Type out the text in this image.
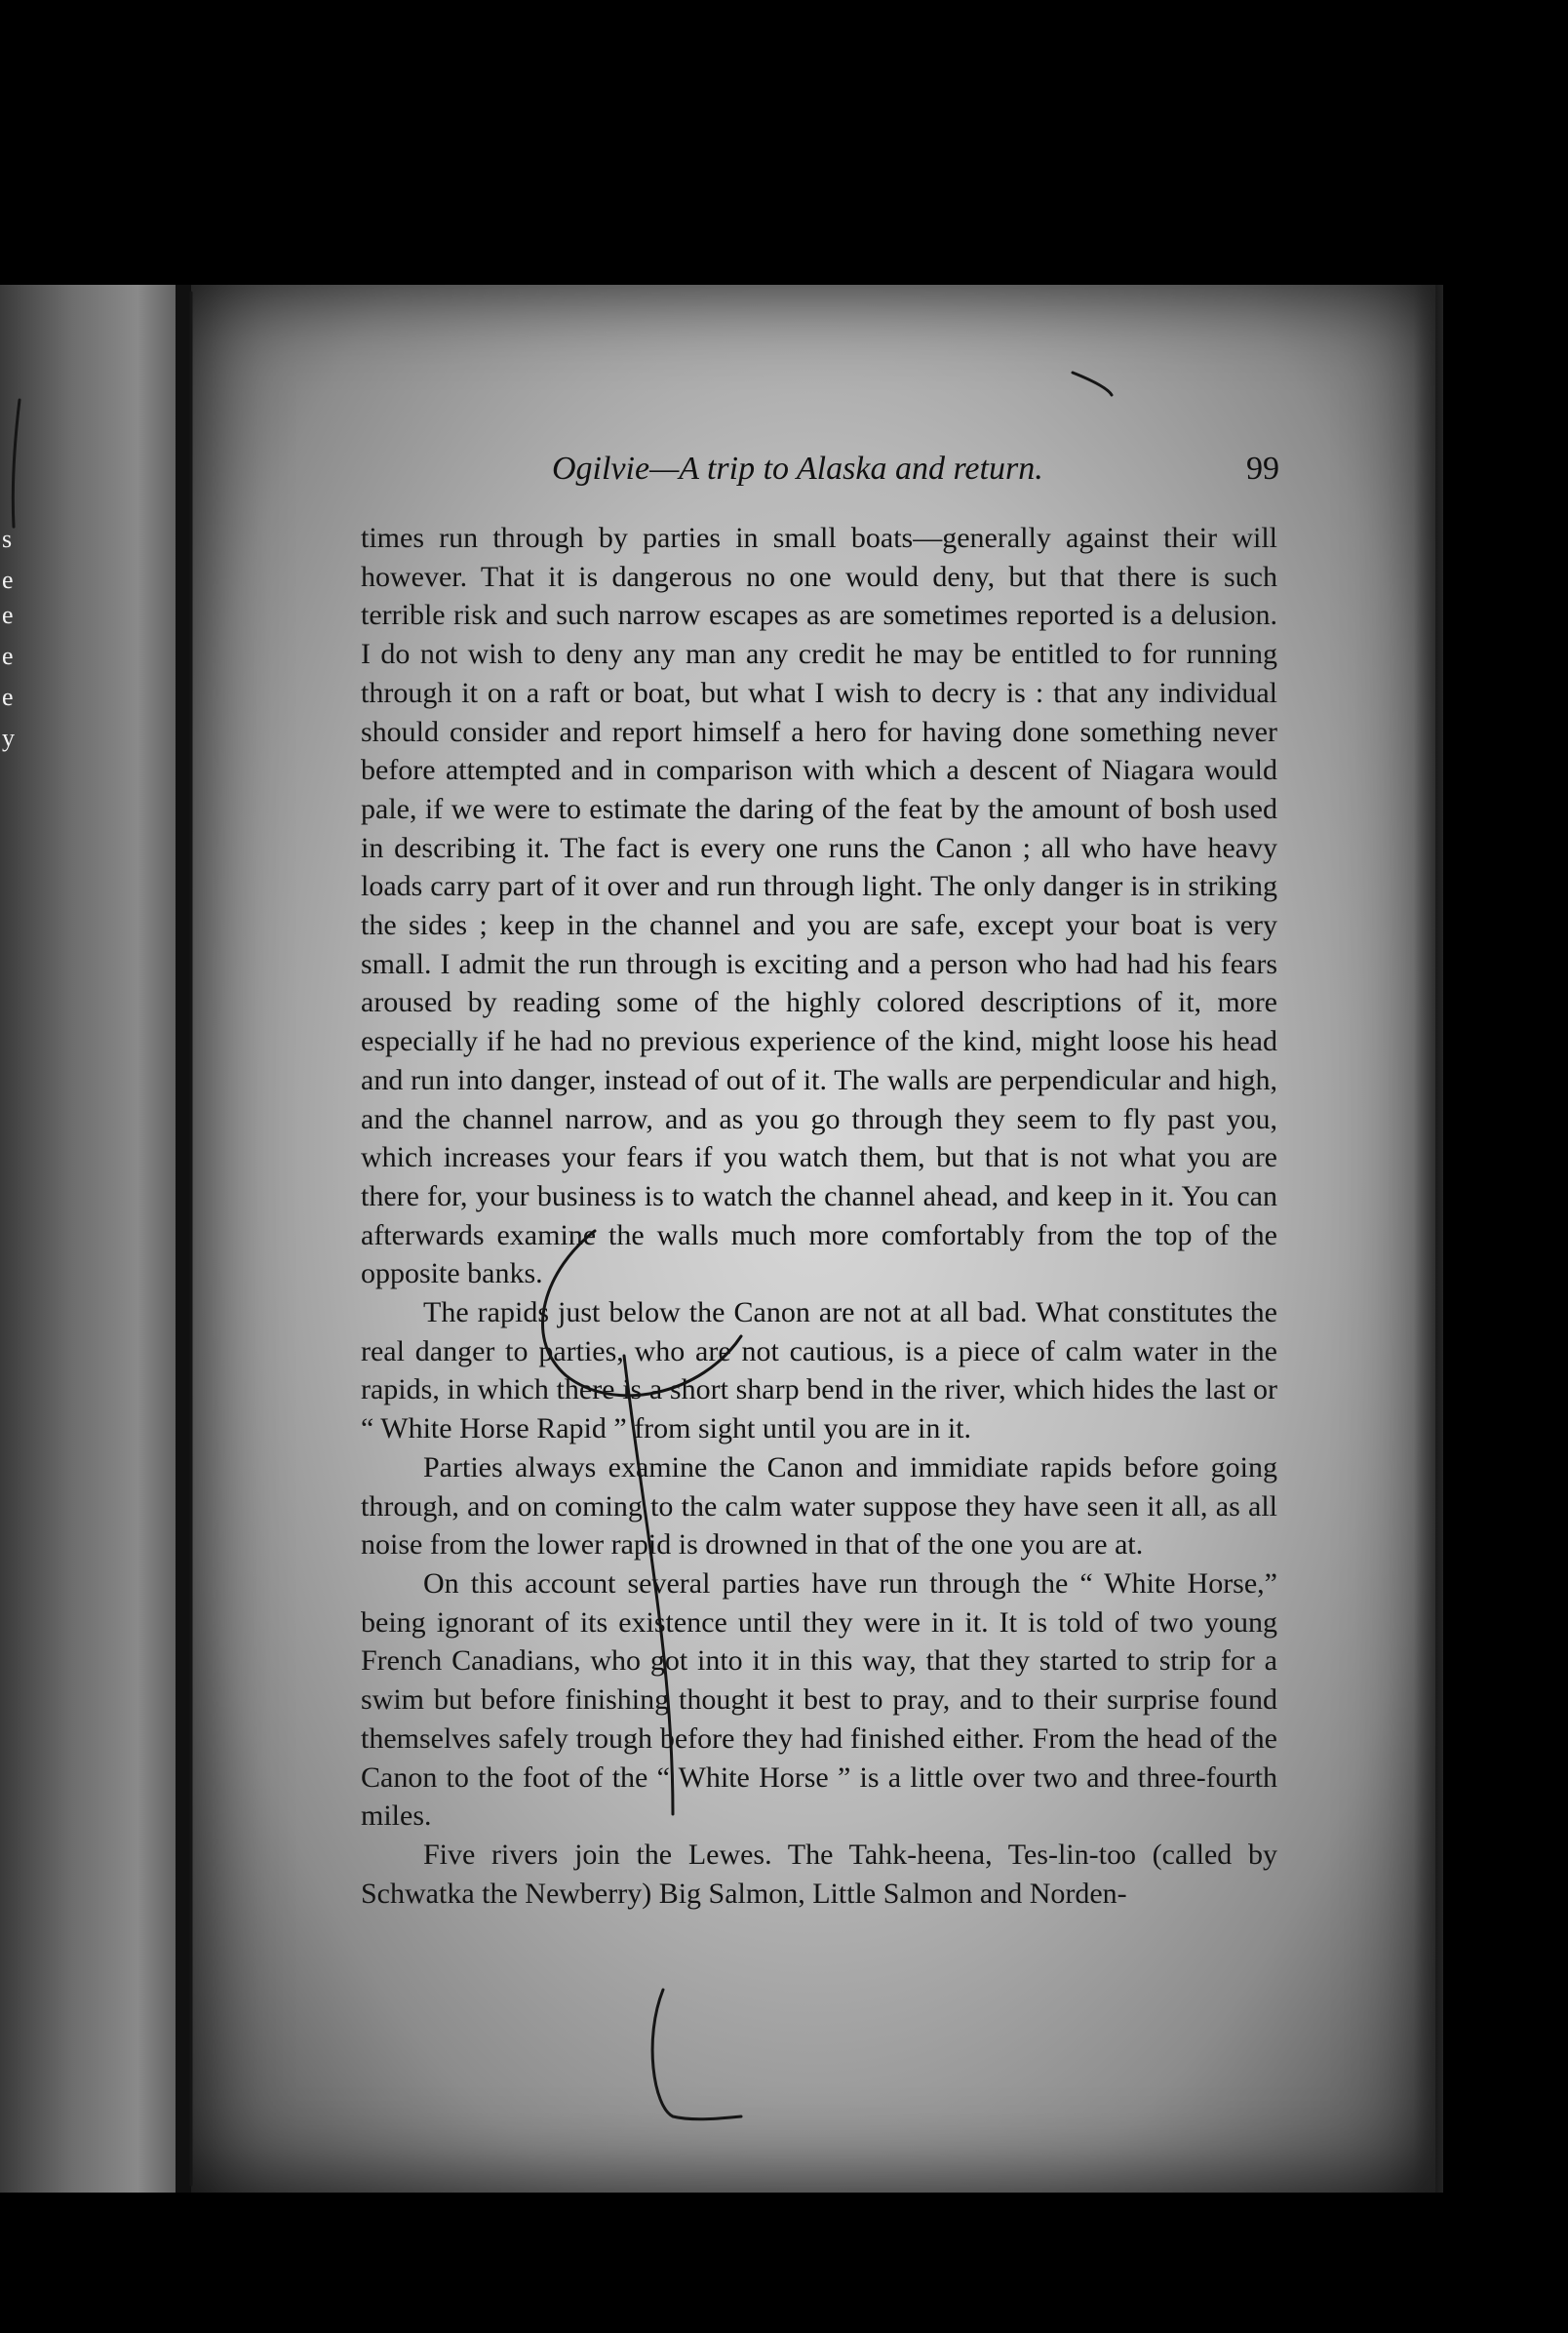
s
e
e
e
e
y
Ogilvie—A trip to Alaska and return.	99

times run through by parties in small boats—generally against their will however. That it is dangerous no one would deny, but that there is such terrible risk and such narrow escapes as are sometimes reported is a delusion. I do not wish to deny any man any credit he may be entitled to for running through it on a raft or boat, but what I wish to decry is : that any individual should consider and report himself a hero for having done something never before attempted and in comparison with which a descent of Niagara would pale, if we were to estimate the daring of the feat by the amount of bosh used in describing it. The fact is every one runs the Canon ; all who have heavy loads carry part of it over and run through light. The only danger is in striking the sides ; keep in the channel and you are safe, except your boat is very small. I admit the run through is exciting and a person who had had his fears aroused by reading some of the highly colored descriptions of it, more especially if he had no previous experience of the kind, might loose his head and run into danger, instead of out of it. The walls are perpendicular and high, and the channel narrow, and as you go through they seem to fly past you, which increases your fears if you watch them, but that is not what you are there for, your business is to watch the channel ahead, and keep in it. You can afterwards examine the walls much more comfortably from the top of the opposite banks.

The rapids just below the Canon are not at all bad. What constitutes the real danger to parties, who are not cautious, is a piece of calm water in the rapids, in which there is a short sharp bend in the river, which hides the last or “ White Horse Rapid ” from sight until you are in it.

Parties always examine the Canon and immidiate rapids before going through, and on coming to the calm water suppose they have seen it all, as all noise from the lower rapid is drowned in that of the one you are at.

On this account several parties have run through the “ White Horse,” being ignorant of its existence until they were in it. It is told of two young French Canadians, who got into it in this way, that they started to strip for a swim but before finishing thought it best to pray, and to their surprise found themselves safely trough before they had finished either. From the head of the Canon to the foot of the “ White Horse ” is a little over two and three-fourth miles.

Five rivers join the Lewes. The Tahk-heena, Tes-lin-too (called by Schwatka the Newberry) Big Salmon, Little Salmon and Norden-
